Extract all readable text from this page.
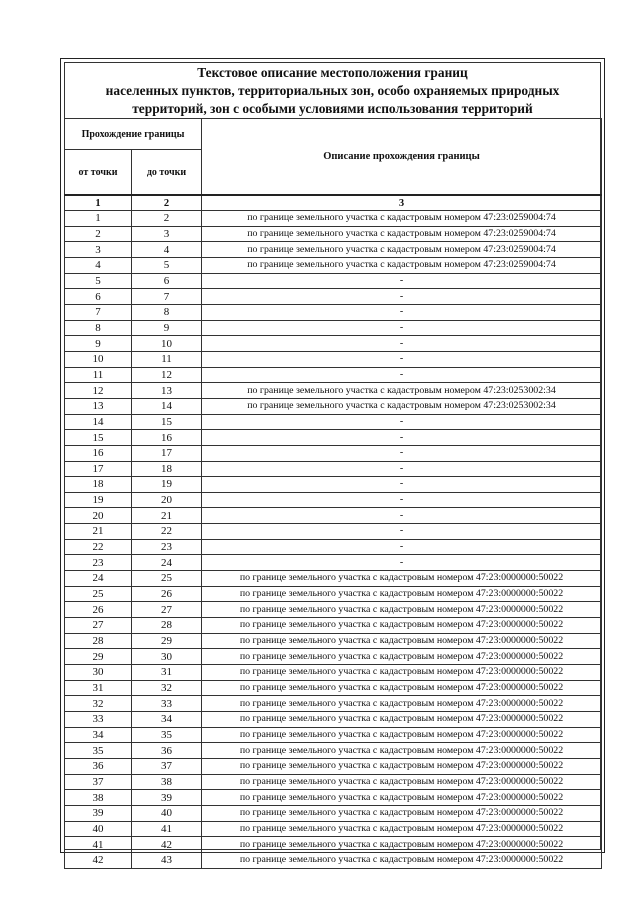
Текстовое описание местоположения границ
населенных пунктов, территориальных зон, особо охраняемых природных
территорий, зон с особыми условиями использования территорий
Прохождение границы		Описание прохождения границы
от точки	до точки	
1	2	3
1	2	по границе земельного участка с кадастровым номером 47:23:0259004:74
2	3	по границе земельного участка с кадастровым номером 47:23:0259004:74
3	4	по границе земельного участка с кадастровым номером 47:23:0259004:74
4	5	по границе земельного участка с кадастровым номером 47:23:0259004:74
5	6	-
6	7	-
7	8	-
8	9	-
9	10	-
10	11	-
11	12	-
12	13	по границе земельного участка с кадастровым номером 47:23:0253002:34
13	14	по границе земельного участка с кадастровым номером 47:23:0253002:34
14	15	-
15	16	-
16	17	-
17	18	-
18	19	-
19	20	-
20	21	-
21	22	-
22	23	-
23	24	-
24	25	по границе земельного участка с кадастровым номером 47:23:0000000:50022
25	26	по границе земельного участка с кадастровым номером 47:23:0000000:50022
26	27	по границе земельного участка с кадастровым номером 47:23:0000000:50022
27	28	по границе земельного участка с кадастровым номером 47:23:0000000:50022
28	29	по границе земельного участка с кадастровым номером 47:23:0000000:50022
29	30	по границе земельного участка с кадастровым номером 47:23:0000000:50022
30	31	по границе земельного участка с кадастровым номером 47:23:0000000:50022
31	32	по границе земельного участка с кадастровым номером 47:23:0000000:50022
32	33	по границе земельного участка с кадастровым номером 47:23:0000000:50022
33	34	по границе земельного участка с кадастровым номером 47:23:0000000:50022
34	35	по границе земельного участка с кадастровым номером 47:23:0000000:50022
35	36	по границе земельного участка с кадастровым номером 47:23:0000000:50022
36	37	по границе земельного участка с кадастровым номером 47:23:0000000:50022
37	38	по границе земельного участка с кадастровым номером 47:23:0000000:50022
38	39	по границе земельного участка с кадастровым номером 47:23:0000000:50022
39	40	по границе земельного участка с кадастровым номером 47:23:0000000:50022
40	41	по границе земельного участка с кадастровым номером 47:23:0000000:50022
41	42	по границе земельного участка с кадастровым номером 47:23:0000000:50022
42	43	по границе земельного участка с кадастровым номером 47:23:0000000:50022
